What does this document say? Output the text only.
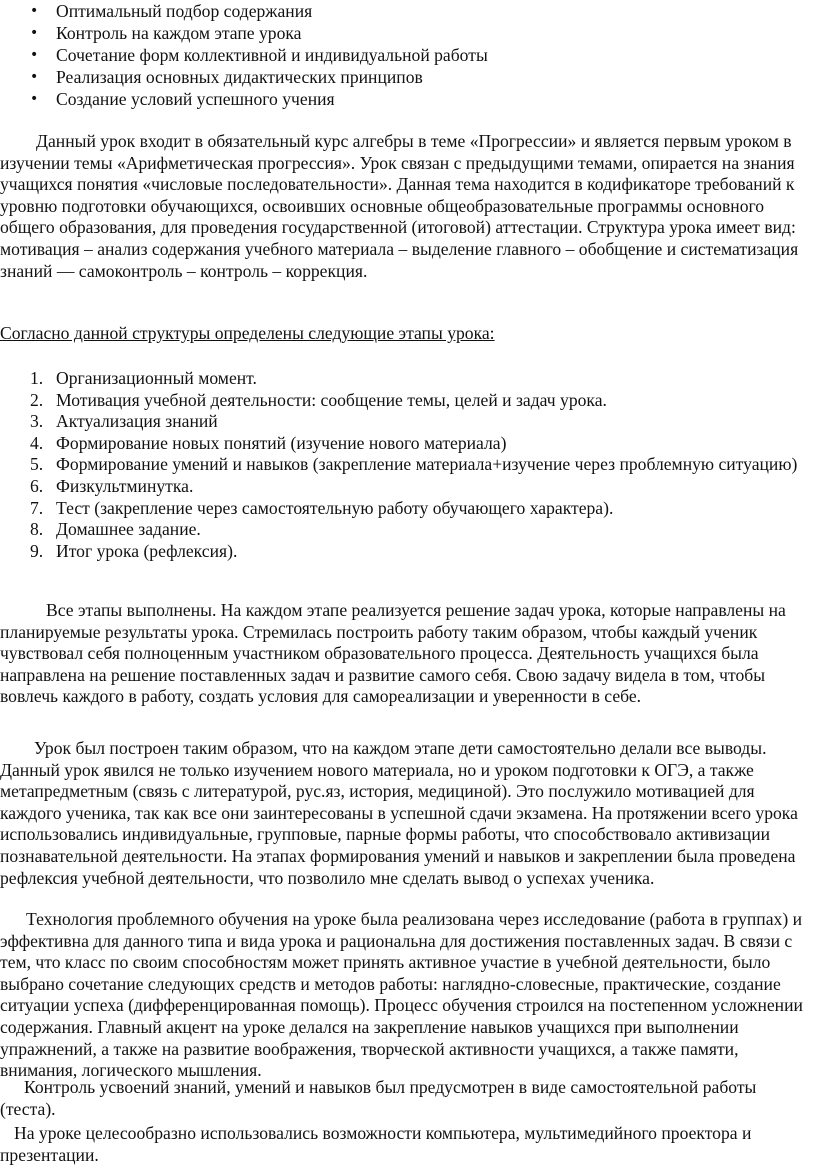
• Оптимальный подбор содержания
• Контроль на каждом этапе урока
• Сочетание форм коллективной и индивидуальной работы
• Реализация основных дидактических принципов
• Создание условий успешного учения

Данный урок входит в обязательный курс алгебры в теме «Прогрессии» и является первым уроком в изучении темы «Арифметическая прогрессия». Урок связан с предыдущими темами, опирается на знания учащихся понятия «числовые последовательности». Данная тема находится в кодификаторе требований к уровню подготовки обучающихся, освоивших основные общеобразовательные программы основного общего образования, для проведения государственной (итоговой) аттестации. Структура урока имеет вид: мотивация – анализ содержания учебного материала – выделение главного – обобщение и систематизация знаний — самоконтроль – контроль – коррекция.

Согласно данной структуры определены следующие этапы урока:

1. Организационный момент.
2. Мотивация учебной деятельности: сообщение темы, целей и задач урока.
3. Актуализация знаний
4. Формирование новых понятий (изучение нового материала)
5. Формирование умений и навыков (закрепление материала+изучение через проблемную ситуацию)
6. Физкультминутка.
7. Тест (закрепление через самостоятельную работу обучающего характера).
8. Домашнее задание.
9. Итог урока (рефлексия).

Все этапы выполнены. На каждом этапе реализуется решение задач урока, которые направлены на планируемые результаты урока. Стремилась построить работу таким образом, чтобы каждый ученик чувствовал себя полноценным участником образовательного процесса. Деятельность учащихся была направлена на решение поставленных задач и развитие самого себя. Свою задачу видела в том, чтобы вовлечь каждого в работу, создать условия для самореализации и уверенности в себе.

Урок был построен таким образом, что на каждом этапе дети самостоятельно делали все выводы. Данный урок явился не только изучением нового материала, но и уроком подготовки к ОГЭ, а также метапредметным (связь с литературой, рус.яз, история, медициной). Это послужило мотивацией для каждого ученика, так как все они заинтересованы в успешной сдачи экзамена. На протяжении всего урока использовались индивидуальные, групповые, парные формы работы, что способствовало активизации познавательной деятельности. На этапах формирования умений и навыков и закреплении была проведена рефлексия учебной деятельности, что позволило мне сделать вывод о успехах ученика.

Технология проблемного обучения на уроке была реализована через исследование (работа в группах) и эффективна для данного типа и вида урока и рациональна для достижения поставленных задач. В связи с тем, что класс по своим способностям может принять активное участие в учебной деятельности, было выбрано сочетание следующих средств и методов работы: наглядно-словесные, практические, создание ситуации успеха (дифференцированная помощь). Процесс обучения строился на постепенном усложнении содержания. Главный акцент на уроке делался на закрепление навыков учащихся при выполнении упражнений, а также на развитие воображения, творческой активности учащихся, а также памяти, внимания, логического мышления.

Контроль усвоений знаний, умений и навыков был предусмотрен в виде самостоятельной работы (теста).

На уроке целесообразно использовались возможности компьютера, мультимедийного проектора и презентации.
